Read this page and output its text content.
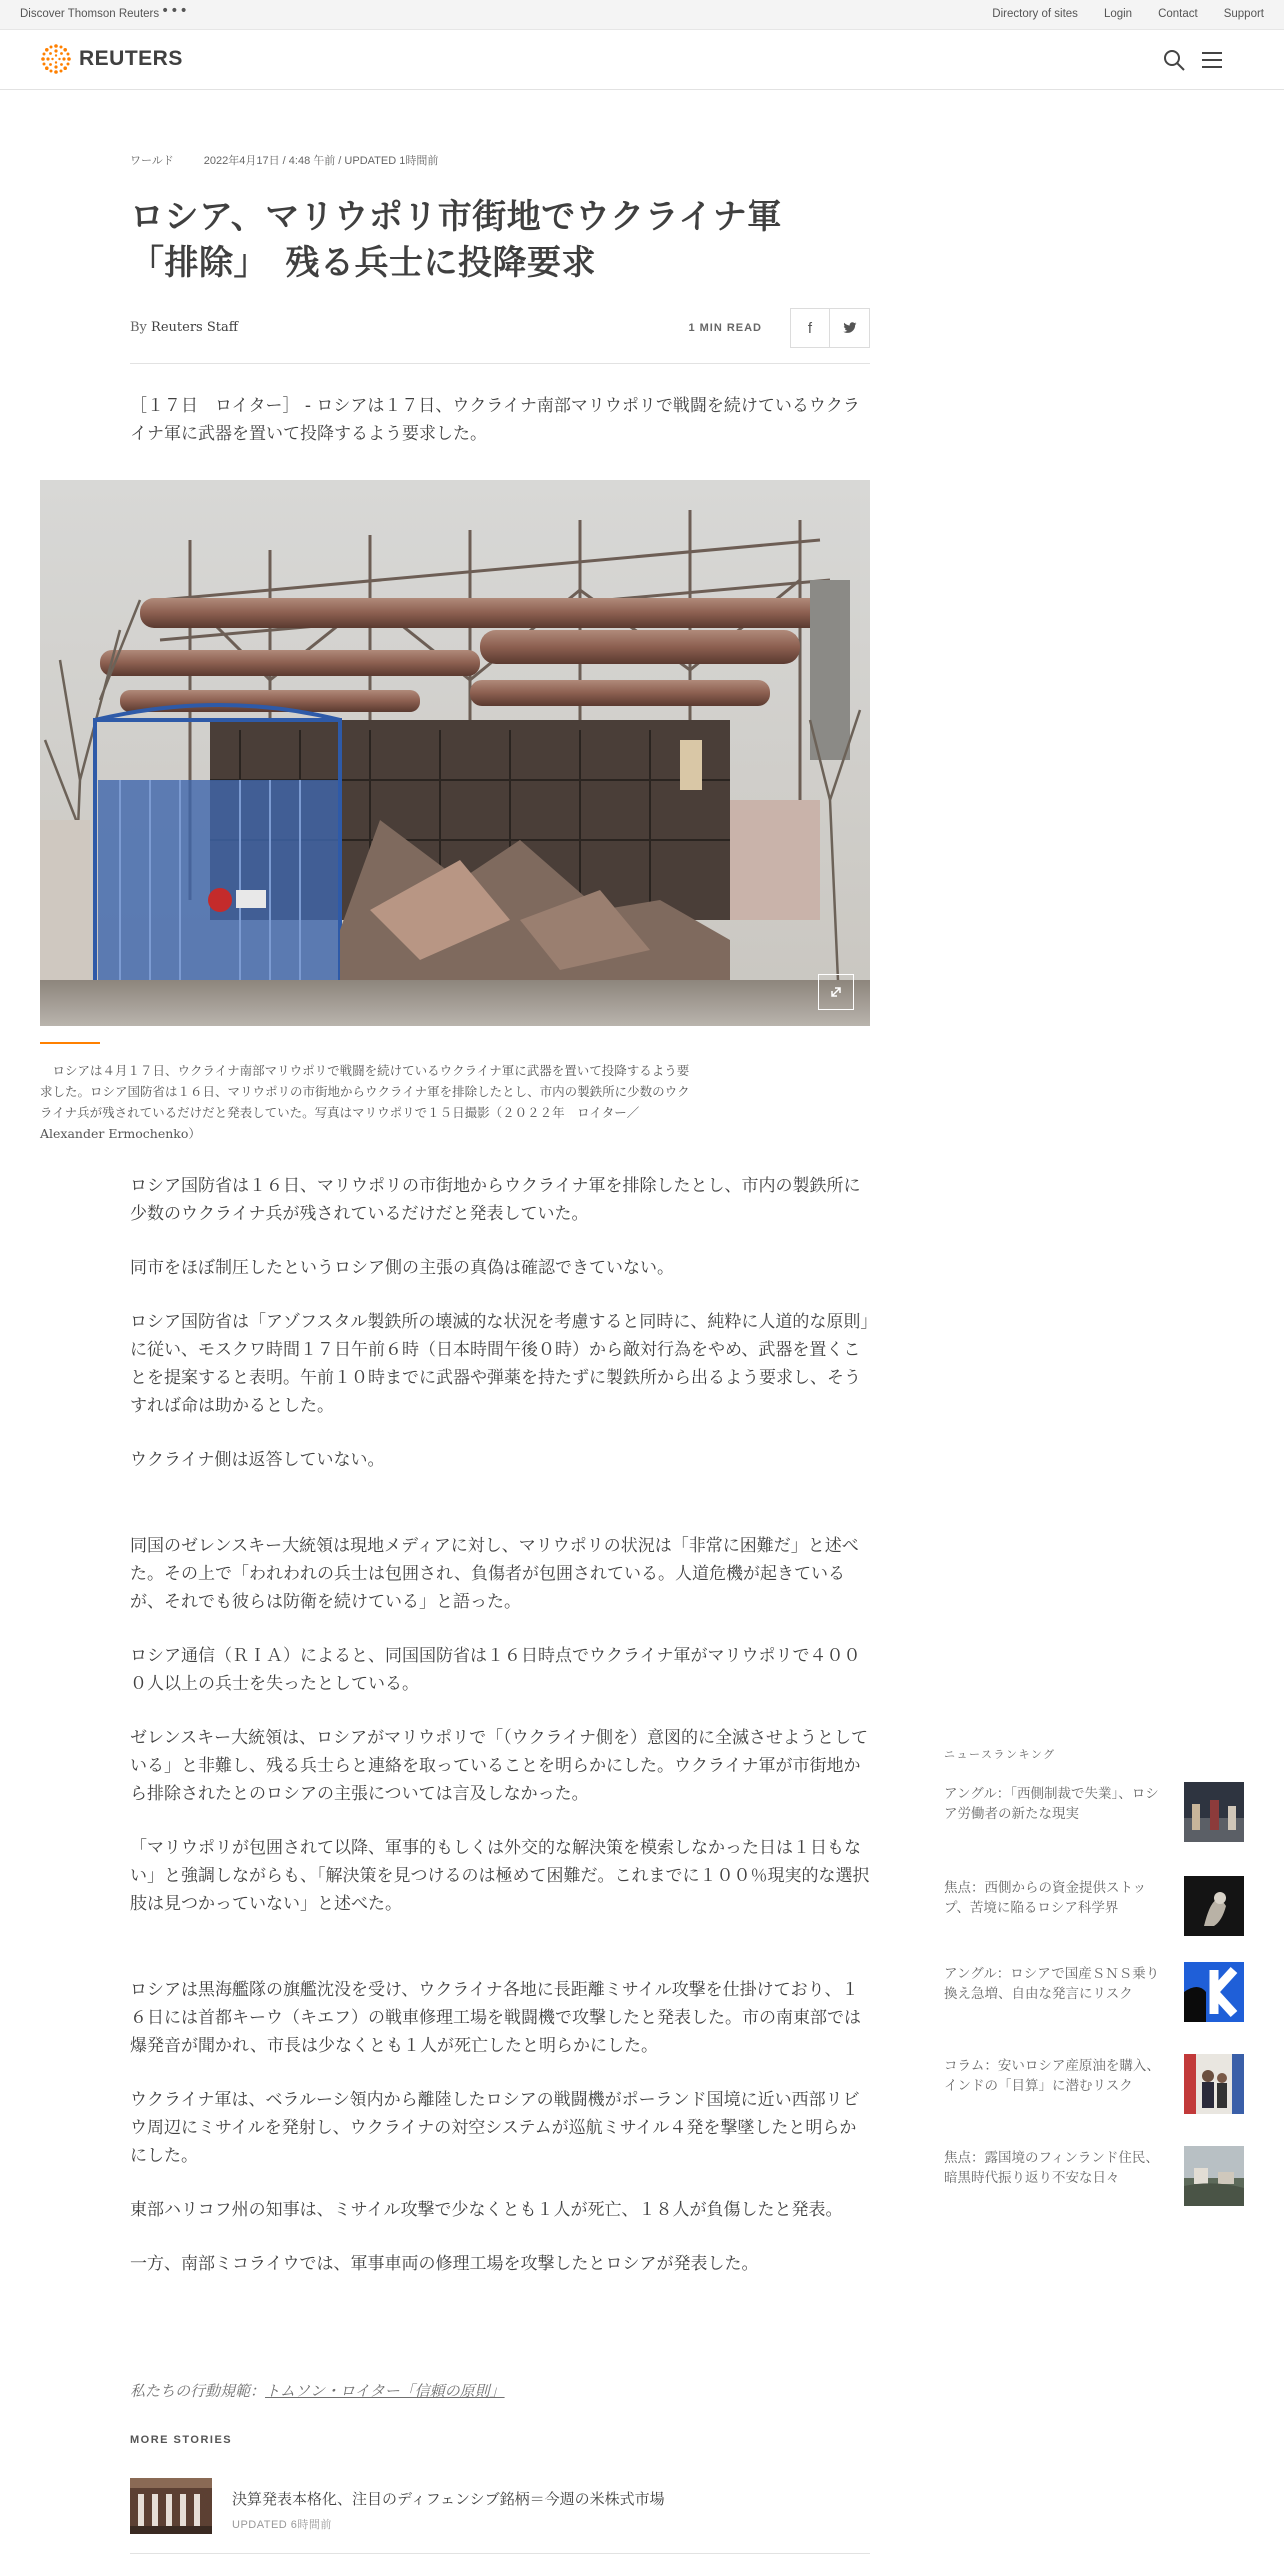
Discover Thomson Reuters •••	Directory of sites Login Contact Support
REUTERS
ワールド	2022年4月17日 / 4:48 午前 / UPDATED 1時間前
ロシア、マリウポリ市街地でウクライナ軍
「排除」　残る兵士に投降要求
By Reuters Staff	1 MIN READ	f

［１７日　ロイター］ - ロシアは１７日、ウクライナ南部マリウポリで戦闘を続けているウクライナ軍に武器を置いて投降するよう要求した。

　ロシアは４月１７日、ウクライナ南部マリウポリで戦闘を続けているウクライナ軍に武器を置いて投降するよう要求した。ロシア国防省は１６日、マリウポリの市街地からウクライナ軍を排除したとし、市内の製鉄所に少数のウクライナ兵が残されているだけだと発表していた。写真はマリウポリで１５日撮影（２０２２年　ロイター／Alexander Ermochenko）

ロシア国防省は１６日、マリウポリの市街地からウクライナ軍を排除したとし、市内の製鉄所に少数のウクライナ兵が残されているだけだと発表していた。

同市をほぼ制圧したというロシア側の主張の真偽は確認できていない。

ロシア国防省は「アゾフスタル製鉄所の壊滅的な状況を考慮すると同時に、純粋に人道的な原則」に従い、モスクワ時間１７日午前６時（日本時間午後０時）から敵対行為をやめ、武器を置くことを提案すると表明。午前１０時までに武器や弾薬を持たずに製鉄所から出るよう要求し、そうすれば命は助かるとした。

ウクライナ側は返答していない。

同国のゼレンスキー大統領は現地メディアに対し、マリウポリの状況は「非常に困難だ」と述べた。その上で「われわれの兵士は包囲され、負傷者が包囲されている。人道危機が起きているが、それでも彼らは防衛を続けている」と語った。

ロシア通信（ＲＩＡ）によると、同国国防省は１６日時点でウクライナ軍がマリウポリで４０００人以上の兵士を失ったとしている。

ゼレンスキー大統領は、ロシアがマリウポリで「（ウクライナ側を）意図的に全滅させようとしている」と非難し、残る兵士らと連絡を取っていることを明らかにした。ウクライナ軍が市街地から排除されたとのロシアの主張については言及しなかった。

「マリウポリが包囲されて以降、軍事的もしくは外交的な解決策を模索しなかった日は１日もない」と強調しながらも、「解決策を見つけるのは極めて困難だ。これまでに１００％現実的な選択肢は見つかっていない」と述べた。

ロシアは黒海艦隊の旗艦沈没を受け、ウクライナ各地に長距離ミサイル攻撃を仕掛けており、１６日には首都キーウ（キエフ）の戦車修理工場を戦闘機で攻撃したと発表した。市の南東部では爆発音が聞かれ、市長は少なくとも１人が死亡したと明らかにした。

ウクライナ軍は、ベラルーシ領内から離陸したロシアの戦闘機がポーランド国境に近い西部リビウ周辺にミサイルを発射し、ウクライナの対空システムが巡航ミサイル４発を撃墜したと明らかにした。

東部ハリコフ州の知事は、ミサイル攻撃で少なくとも１人が死亡、１８人が負傷したと発表。

一方、南部ミコライウでは、軍事車両の修理工場を攻撃したとロシアが発表した。

私たちの行動規範：トムソン・ロイター「信頼の原則」

MORE STORIES
決算発表本格化、注目のディフェンシブ銘柄＝今週の米株式市場
UPDATED 6時間前
ニュースランキング

アングル：「西側制裁で失業」、ロシア労働者の新たな現実

焦点：西側からの資金提供ストップ、苦境に陥るロシア科学界

アングル：ロシアで国産ＳＮＳ乗り換え急増、自由な発言にリスク

コラム：安いロシア産原油を購入、インドの「目算」に潜むリスク

焦点：露国境のフィンランド住民、暗黒時代振り返り不安な日々
